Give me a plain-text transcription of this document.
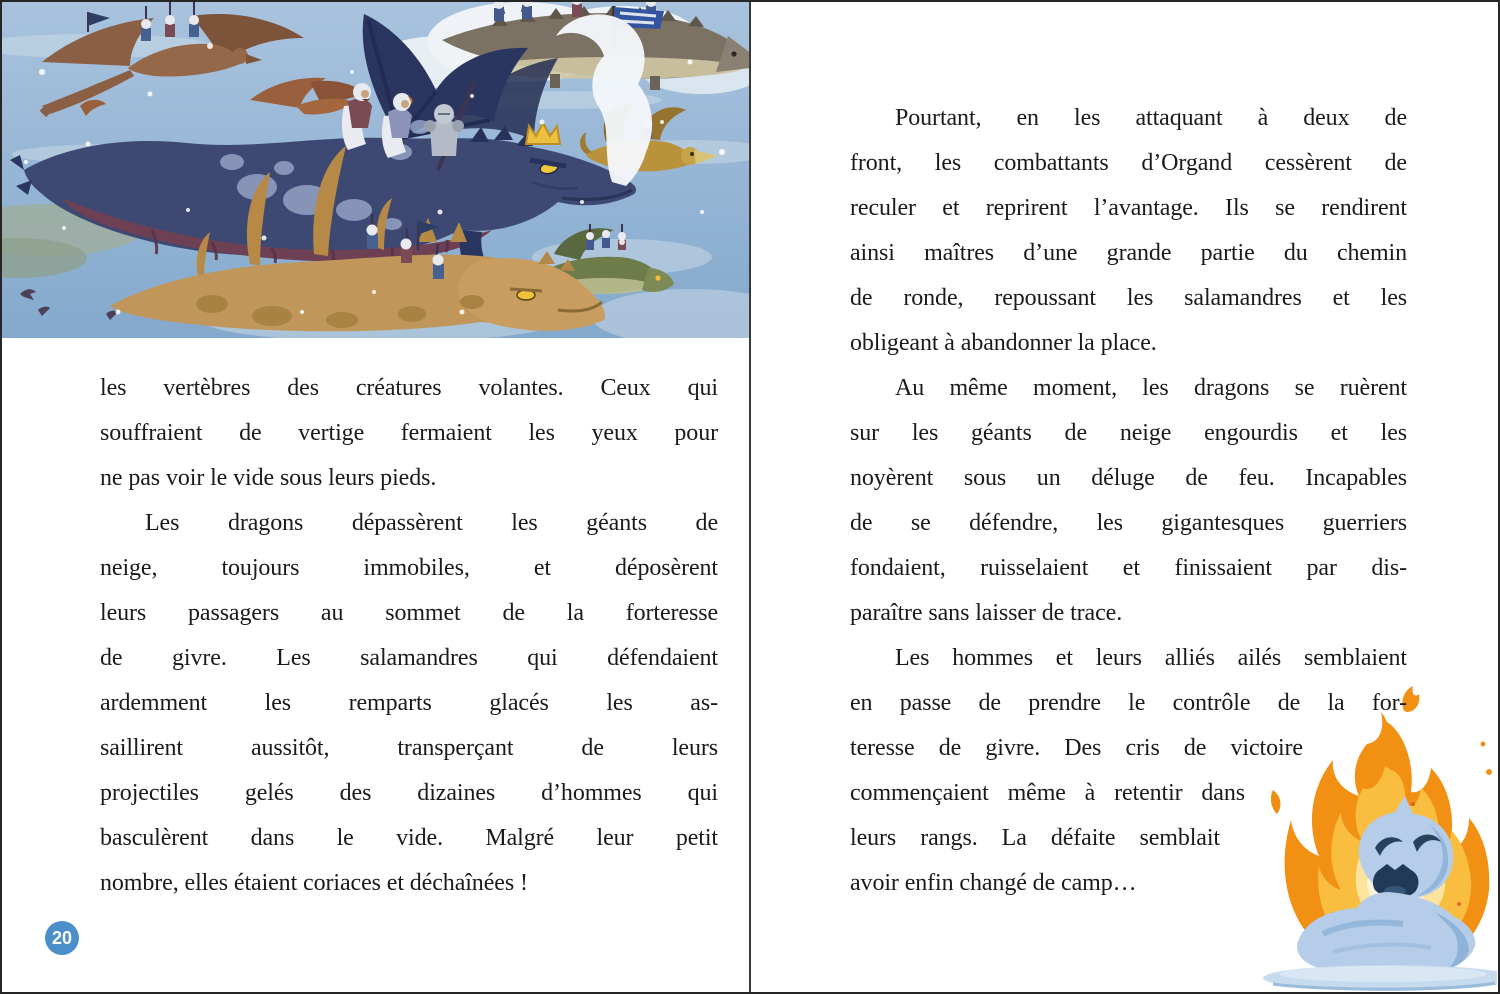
les vertèbres des créatures volantes. Ceux qui
souffraient de vertige fermaient les yeux pour
ne pas voir le vide sous leurs pieds.
Les dragons dépassèrent les géants de
neige, toujours immobiles, et déposèrent
leurs passagers au sommet de la forteresse
de givre. Les salamandres qui défendaient
ardemment les remparts glacés les as-
saillirent aussitôt, transperçant de leurs
projectiles gelés des dizaines d’hommes qui
basculèrent dans le vide. Malgré leur petit
nombre, elles étaient coriaces et déchaînées !
20
Pourtant, en les attaquant à deux de
front, les combattants d’Organd cessèrent de
reculer et reprirent l’avantage. Ils se rendirent
ainsi maîtres d’une grande partie du chemin
de ronde, repoussant les salamandres et les
obligeant à abandonner la place.
Au même moment, les dragons se ruèrent
sur les géants de neige engourdis et les
noyèrent sous un déluge de feu. Incapables
de se défendre, les gigantesques guerriers
fondaient, ruisselaient et finissaient par dis-
paraître sans laisser de trace.
Les hommes et leurs alliés ailés semblaient
en passe de prendre le contrôle de la for-
teresse de givre. Des cris de victoire
commençaient même à retentir dans
leurs rangs. La défaite semblait
avoir enfin changé de camp…
